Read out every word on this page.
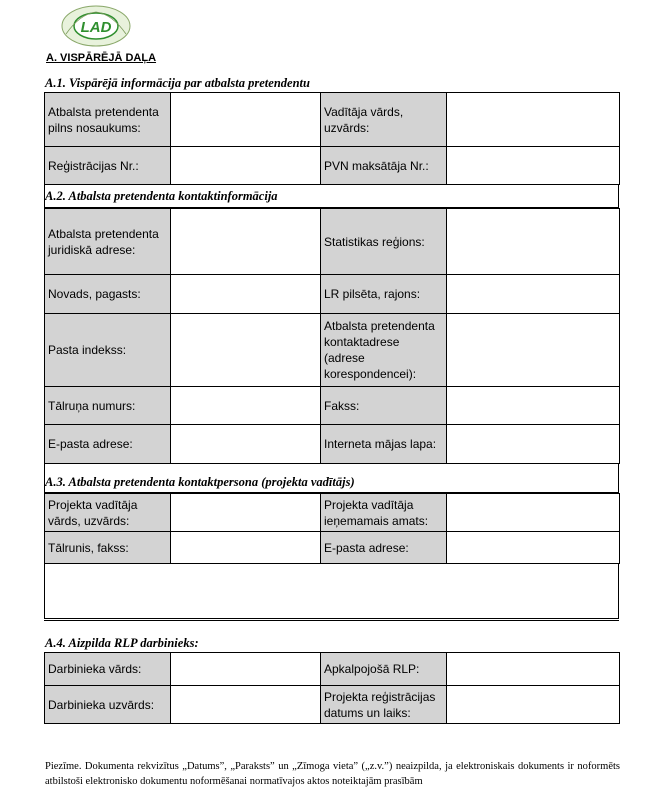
LAD
A. VISPĀRĒJĀ DAĻA
A.1. Vispārējā informācija par atbalsta pretendentu
Atbalsta pretendenta pilns nosaukums:		Vadītāja vārds, uzvārds:	
Reģistrācijas Nr.:		PVN maksātāja Nr.:	
A.2. Atbalsta pretendenta kontaktinformācija
Atbalsta pretendenta juridiskā adrese:		Statistikas reģions:	
Novads, pagasts:		LR pilsēta, rajons:	
Pasta indekss:		Atbalsta pretendenta kontaktadrese (adrese korespondencei):	
Tālruņa numurs:		Fakss:	
E-pasta adrese:		Interneta mājas lapa:	
A.3. Atbalsta pretendenta kontaktpersona (projekta vadītājs)
Projekta vadītāja vārds, uzvārds:		Projekta vadītāja ieņemamais amats:	
Tālrunis, fakss:		E-pasta adrese:	
A.4. Aizpilda RLP darbinieks:
Darbinieka vārds:		Apkalpojošā RLP:	
Darbinieka uzvārds:		Projekta reģistrācijas datums un laiks:	
Piezīme. Dokumenta rekvizītus „Datums”, „Paraksts” un „Zīmoga vieta” („z.v.”) neaizpilda, ja elektroniskais dokuments ir noformēts atbilstoši elektronisko dokumentu noformēšanai normatīvajos aktos noteiktajām prasībām
